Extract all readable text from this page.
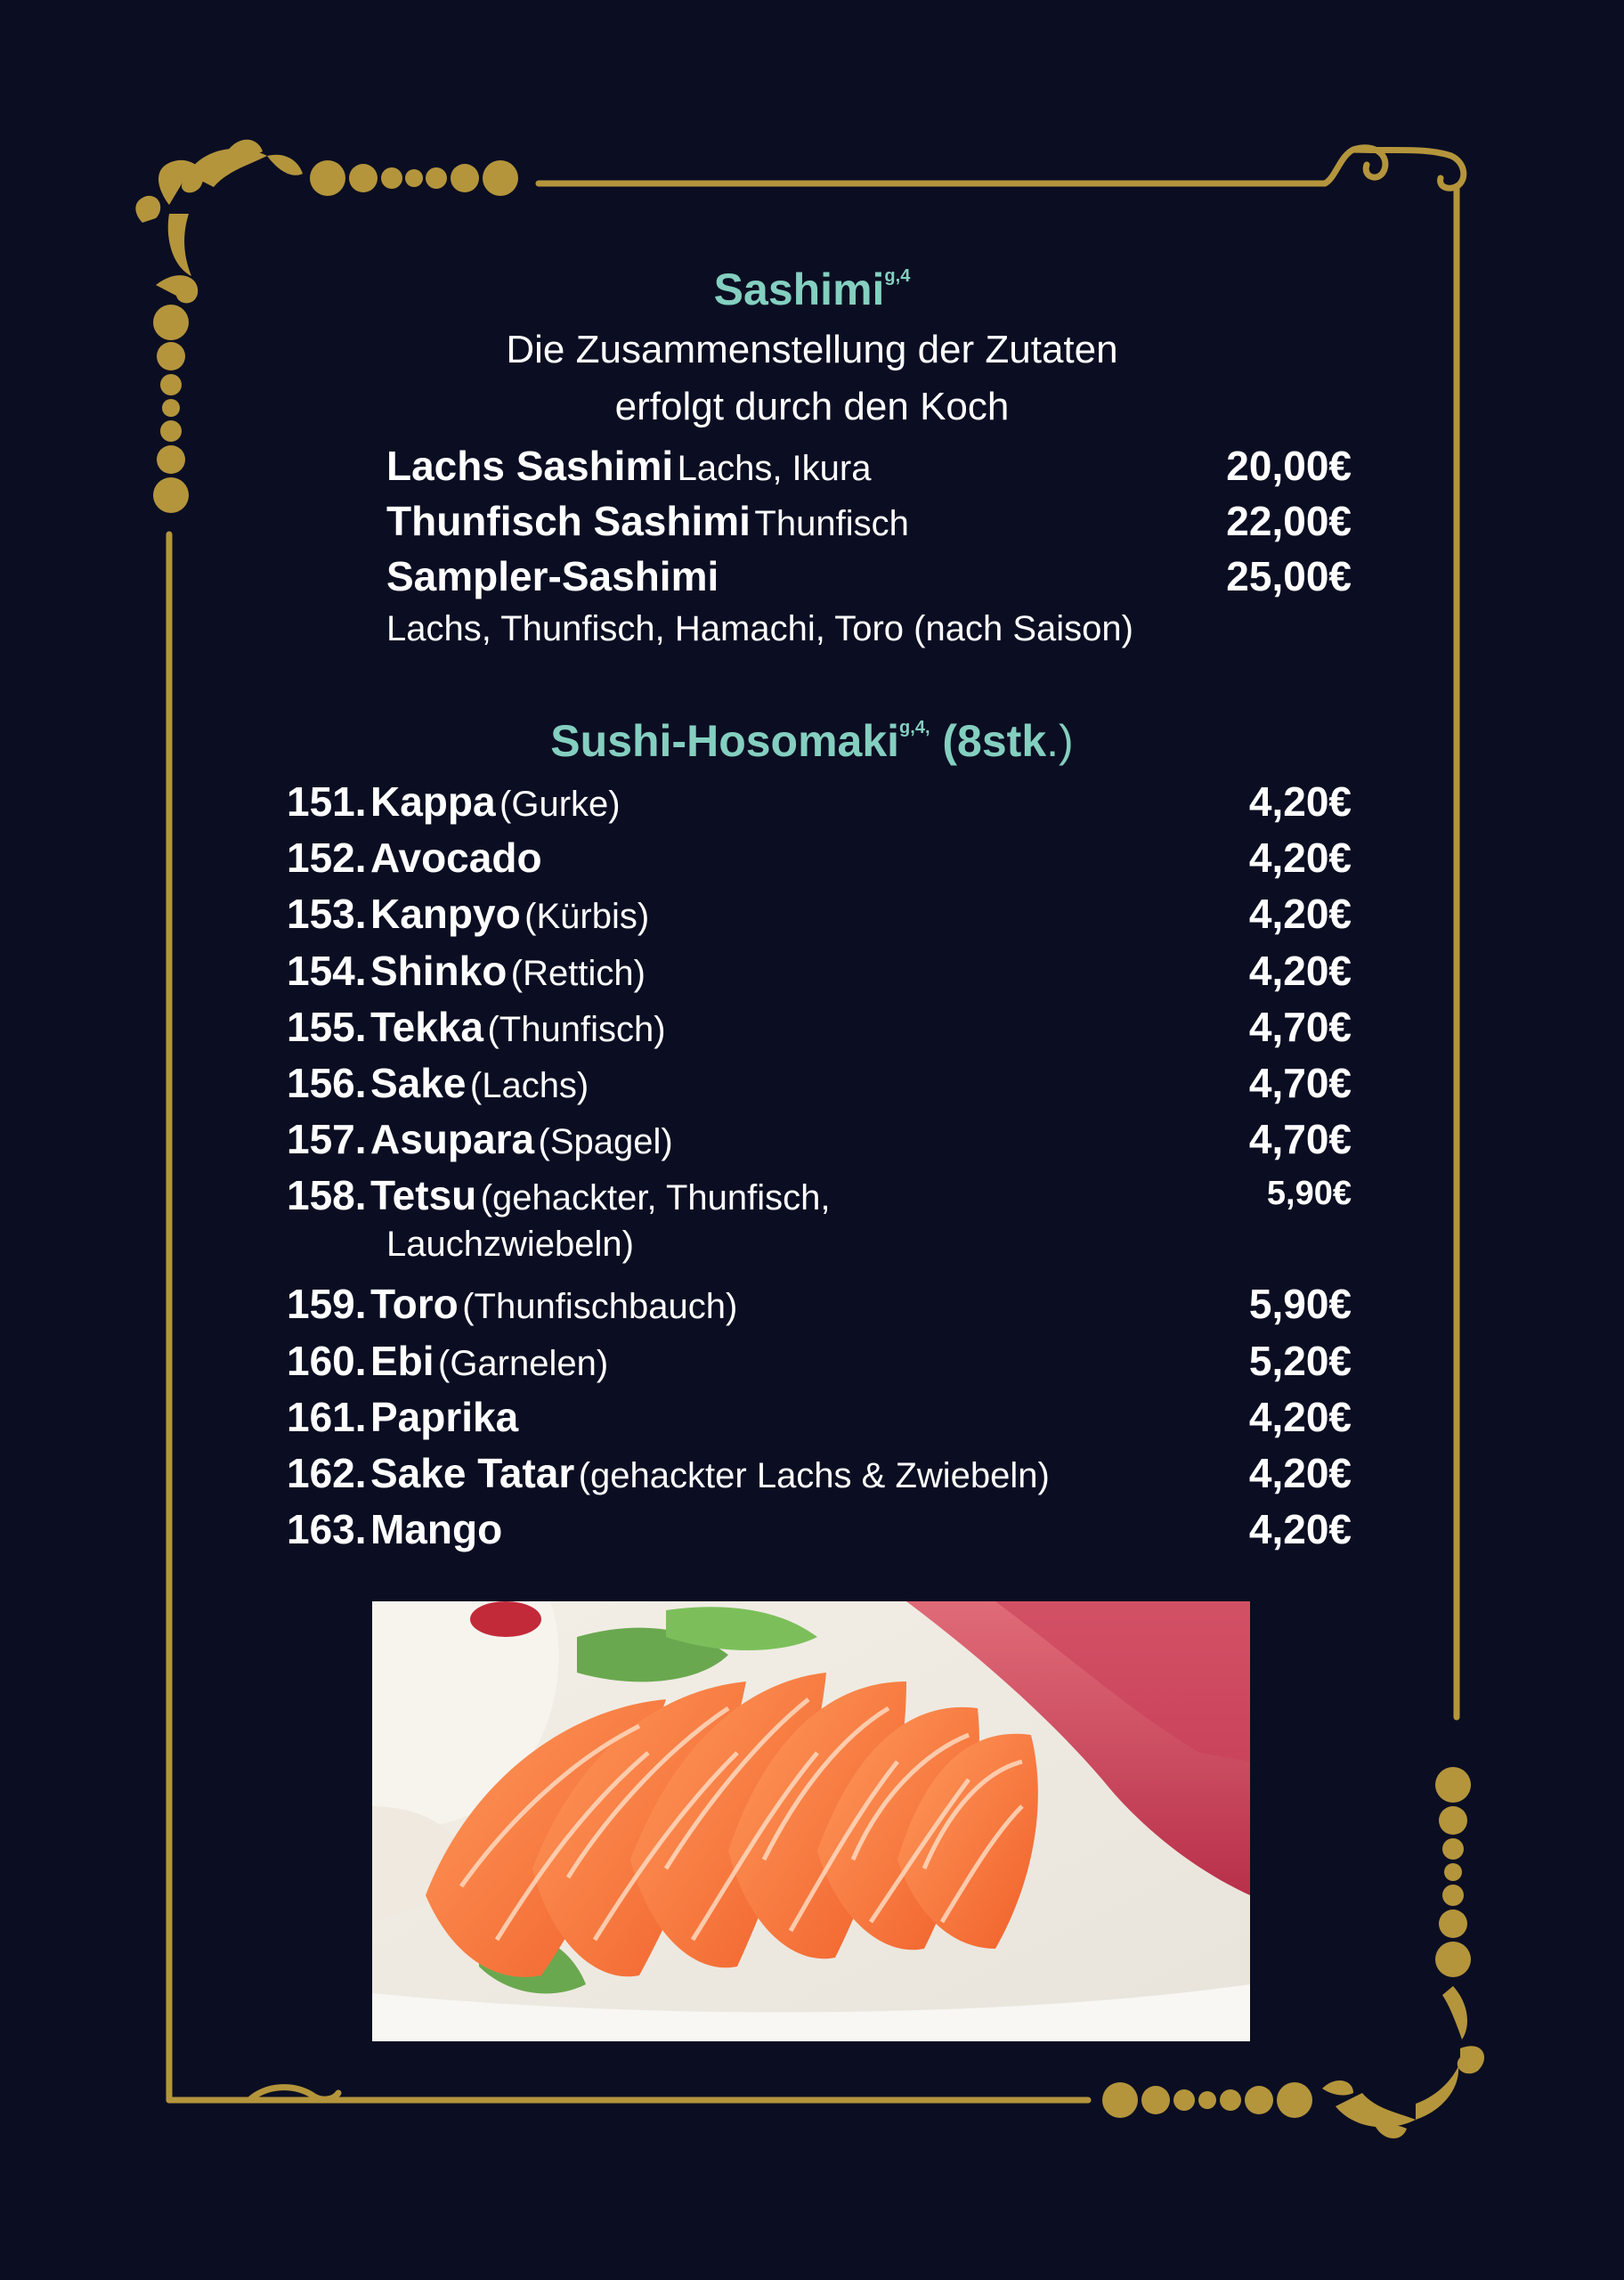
Sashimi$^{g,4}$
Die Zusammenstellung der Zutaten
erfolgt durch den Koch
Lachs Sashimi Lachs, Ikura	20,00€
Thunfisch Sashimi Thunfisch	22,00€
Sampler-Sashimi	25,00€
Lachs, Thunfisch, Hamachi, Toro (nach Saison)
Sushi-Hosomaki$^{g,4,}$ (8stk.)
151. Kappa (Gurke)	4,20€
152. Avocado	4,20€
153. Kanpyo (Kürbis)	4,20€
154. Shinko (Rettich)	4,20€
155. Tekka (Thunfisch)	4,70€
156. Sake (Lachs)	4,70€
157. Asupara (Spagel)	4,70€
158. Tetsu (gehackter, Thunfisch,	5,90€
Lauchzwiebeln)
159. Toro (Thunfischbauch)	5,90€
160. Ebi (Garnelen)	5,20€
161. Paprika	4,20€
162. Sake Tatar (gehackter Lachs & Zwiebeln)	4,20€
163. Mango	4,20€
